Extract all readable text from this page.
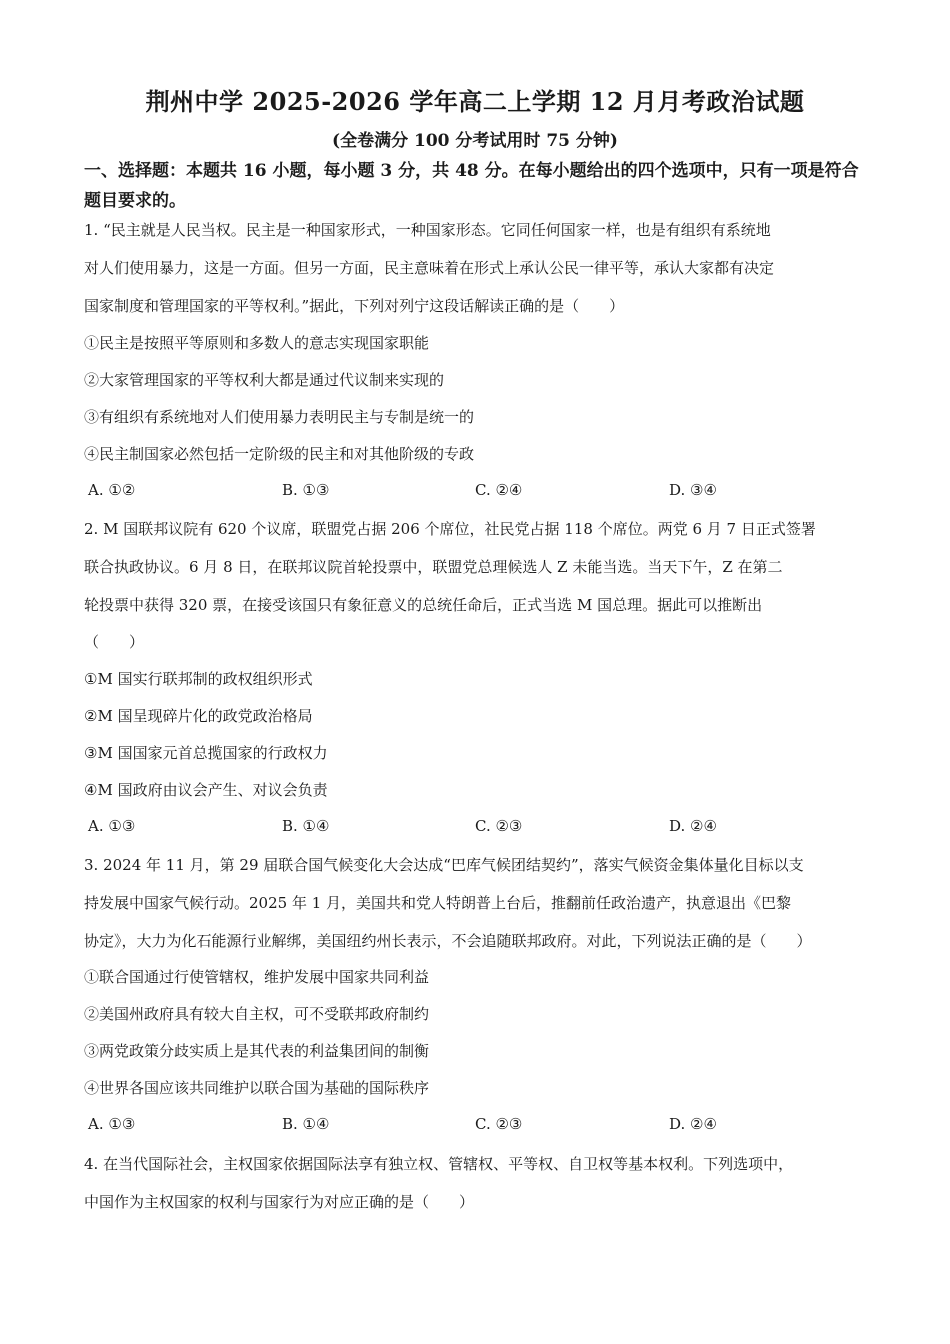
荆州中学 2025-2026 学年高二上学期 12 月月考政治试题
(全卷满分 100 分考试用时 75 分钟)
一、选择题：本题共 16 小题，每小题 3 分，共 48 分。在每小题给出的四个选项中，只有一项是符合题目要求的。
1. “民主就是人民当权。民主是一种国家形式，一种国家形态。它同任何国家一样，也是有组织有系统地
对人们使用暴力，这是一方面。但另一方面，民主意味着在形式上承认公民一律平等，承认大家都有决定
国家制度和管理国家的平等权利。”据此，下列对列宁这段话解读正确的是（　　）
①民主是按照平等原则和多数人的意志实现国家职能
②大家管理国家的平等权利大都是通过代议制来实现的
③有组织有系统地对人们使用暴力表明民主与专制是统一的
④民主制国家必然包括一定阶级的民主和对其他阶级的专政
A. ①②	B. ①③	C. ②④	D. ③④
2. M 国联邦议院有 620 个议席，联盟党占据 206 个席位，社民党占据 118 个席位。两党 6 月 7 日正式签署
联合执政协议。6 月 8 日，在联邦议院首轮投票中，联盟党总理候选人 Z 未能当选。当天下午，Z 在第二
轮投票中获得 320 票，在接受该国只有象征意义的总统任命后，正式当选 M 国总理。据此可以推断出
（　　）
①M 国实行联邦制的政权组织形式
②M 国呈现碎片化的政党政治格局
③M 国国家元首总揽国家的行政权力
④M 国政府由议会产生、对议会负责
A. ①③	B. ①④	C. ②③	D. ②④
3. 2024 年 11 月，第 29 届联合国气候变化大会达成“巴库气候团结契约”，落实气候资金集体量化目标以支
持发展中国家气候行动。2025 年 1 月，美国共和党人特朗普上台后，推翻前任政治遗产，执意退出《巴黎
协定》，大力为化石能源行业解绑，美国纽约州长表示，不会追随联邦政府。对此，下列说法正确的是（　　）
①联合国通过行使管辖权，维护发展中国家共同利益
②美国州政府具有较大自主权，可不受联邦政府制约
③两党政策分歧实质上是其代表的利益集团间的制衡
④世界各国应该共同维护以联合国为基础的国际秩序
A. ①③	B. ①④	C. ②③	D. ②④
4. 在当代国际社会，主权国家依据国际法享有独立权、管辖权、平等权、自卫权等基本权利。下列选项中，
中国作为主权国家的权利与国家行为对应正确的是（　　）
